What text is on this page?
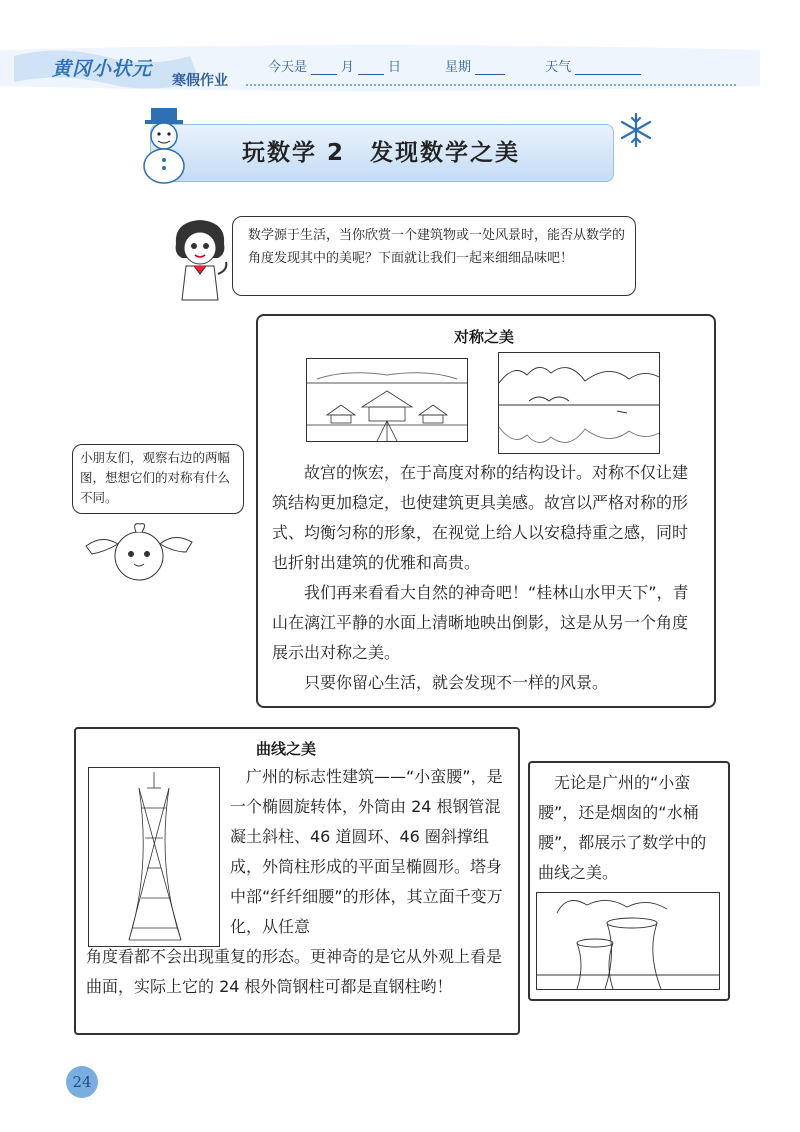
黄冈小状元
寒假作业
今天是	月	日	星期	天气
玩数学 2　发现数学之美
数学源于生活，当你欣赏一个建筑物或一处风景时，能否从数学的角度发现其中的美呢？下面就让我们一起来细细品味吧！
对称之美

故宫的恢宏，在于高度对称的结构设计。对称不仅让建筑结构更加稳定，也使建筑更具美感。故宫以严格对称的形式、均衡匀称的形象，在视觉上给人以安稳持重之感，同时也折射出建筑的优雅和高贵。

我们再来看看大自然的神奇吧！“桂林山水甲天下”，青山在漓江平静的水面上清晰地映出倒影，这是从另一个角度展示出对称之美。

只要你留心生活，就会发现不一样的风景。

小朋友们，观察右边的两幅图，想想它们的对称有什么不同。
曲线之美
　广州的标志性建筑——“小蛮腰”，是一个椭圆旋转体，外筒由 24 根钢管混凝土斜柱、46 道圆环、46 圈斜撑组成，外筒柱形成的平面呈椭圆形。塔身中部“纤纤细腰”的形体，其立面千变万化，从任意
角度看都不会出现重复的形态。更神奇的是它从外观上看是曲面，实际上它的 24 根外筒钢柱可都是直钢柱哟！
　无论是广州的“小蛮腰”，还是烟囱的“水桶腰”，都展示了数学中的曲线之美。
24
